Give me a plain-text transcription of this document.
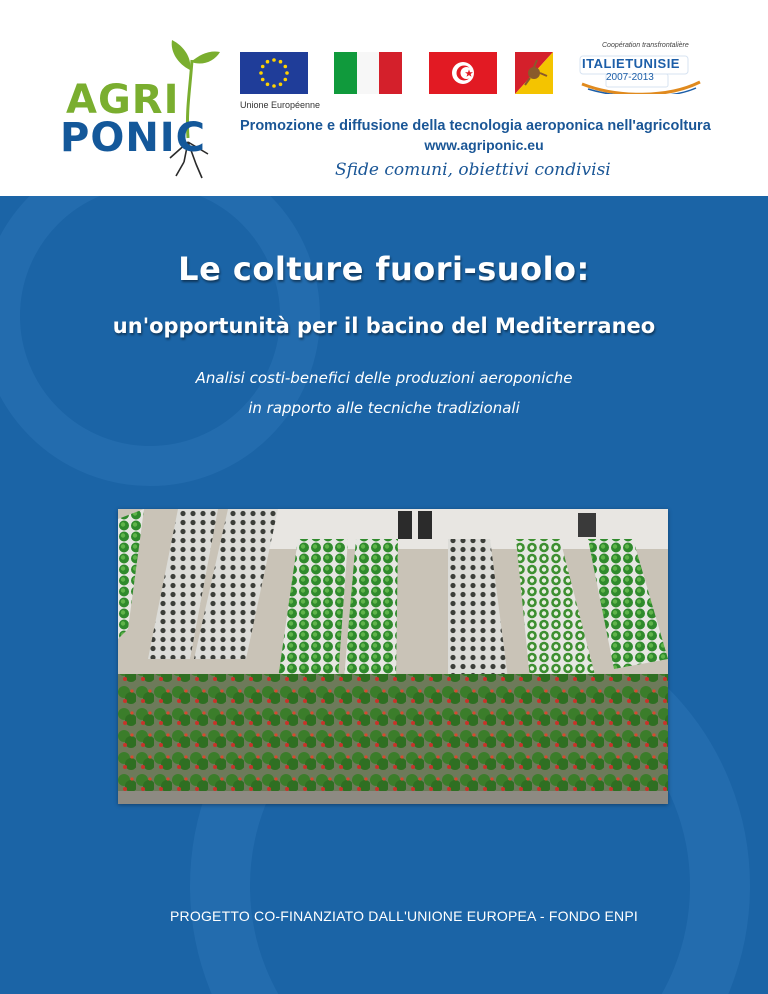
AGRI
PONIC
Unione Européenne
Coopération transfrontalière
ITALIETUNISIE
2007-2013
Promozione e diffusione della tecnologia aeroponica nell'agricoltura
www.agriponic.eu
Sfide comuni, obiettivi condivisi
Le colture fuori-suolo:
un'opportunità per il bacino del Mediterraneo
Analisi costi-benefici delle produzioni aeroponiche
in rapporto alle tecniche tradizionali
PROGETTO CO-FINANZIATO DALL'UNIONE EUROPEA - FONDO ENPI
